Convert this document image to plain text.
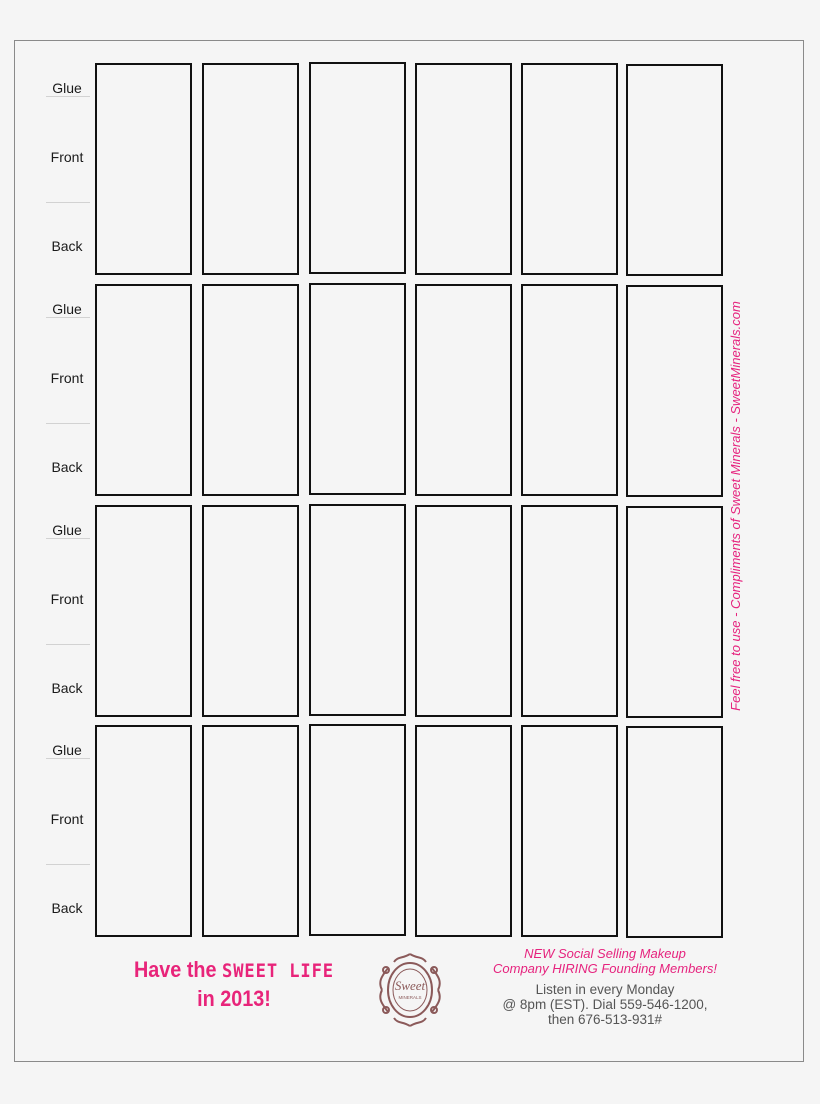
Glue
Front
Back
Glue
Front
Back
Glue
Front
Back
Glue
Front
Back
Feel free to use - Compliments of Sweet Minerals - SweetMinerals.com
Have the SWEET LIFE
in 2013!
Sweet
MINERALS
NEW Social Selling Makeup
Company HIRING Founding Members!
Listen in every Monday
@ 8pm (EST). Dial 559-546-1200,
then 676-513-931#
